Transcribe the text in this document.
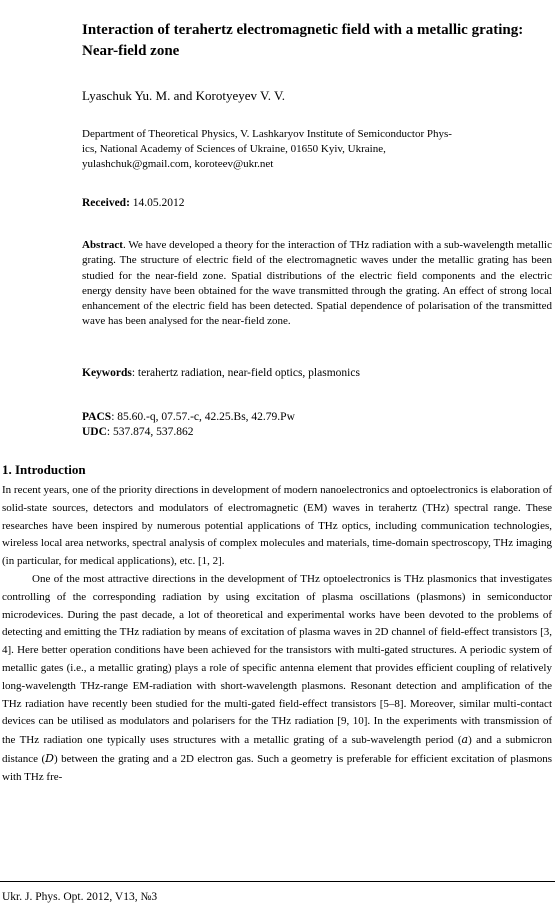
Interaction of terahertz electromagnetic field with a metallic grating: Near-field zone
Lyaschuk Yu. M. and Korotyeyev V. V.
Department of Theoretical Physics, V. Lashkaryov Institute of Semiconductor Phys-
ics, National Academy of Sciences of Ukraine, 01650 Kyiv, Ukraine,
yulashchuk@gmail.com, koroteev@ukr.net
Received: 14.05.2012

Abstract. We have developed a theory for the interaction of THz radiation with a sub-wavelength metallic grating. The structure of electric field of the electromagnetic waves under the metallic grating has been studied for the near-field zone. Spatial distributions of the electric field components and the electric energy density have been obtained for the wave transmitted through the grating. An effect of strong local enhancement of the electric field has been detected. Spatial dependence of polarisation of the transmitted wave has been analysed for the near-field zone.

Keywords: terahertz radiation, near-field optics, plasmonics
PACS: 85.60.-q, 07.57.-c, 42.25.Bs, 42.79.Pw
UDC: 537.874, 537.862
1. Introduction

In recent years, one of the priority directions in development of modern nanoelectronics and optoelectronics is elaboration of solid-state sources, detectors and modulators of electromagnetic (EM) waves in terahertz (THz) spectral range. These researches have been inspired by numerous potential applications of THz optics, including communication technologies, wireless local area networks, spectral analysis of complex molecules and materials, time-domain spectroscopy, THz imaging (in particular, for medical applications), etc. [1, 2].

One of the most attractive directions in the development of THz optoelectronics is THz plasmonics that investigates controlling of the corresponding radiation by using excitation of plasma oscillations (plasmons) in semiconductor microdevices. During the past decade, a lot of theoretical and experimental works have been devoted to the problems of detecting and emitting the THz radiation by means of excitation of plasma waves in 2D channel of field-effect transistors [3, 4]. Here better operation conditions have been achieved for the transistors with multi-gated structures. A periodic system of metallic gates (i.e., a metallic grating) plays a role of specific antenna element that provides efficient coupling of relatively long-wavelength THz-range EM-radiation with short-wavelength plasmons. Resonant detection and amplification of the THz radiation have recently been studied for the multi-gated field-effect transistors [5–8]. Moreover, similar multi-contact devices can be utilised as modulators and polarisers for the THz radiation [9, 10]. In the experiments with transmission of the THz radiation one typically uses structures with a metallic grating of a sub-wavelength period (a) and a submicron distance (D) between the grating and a 2D electron gas. Such a geometry is preferable for efficient excitation of plasmons with THz fre-

Ukr. J. Phys. Opt. 2012, V13, №3
